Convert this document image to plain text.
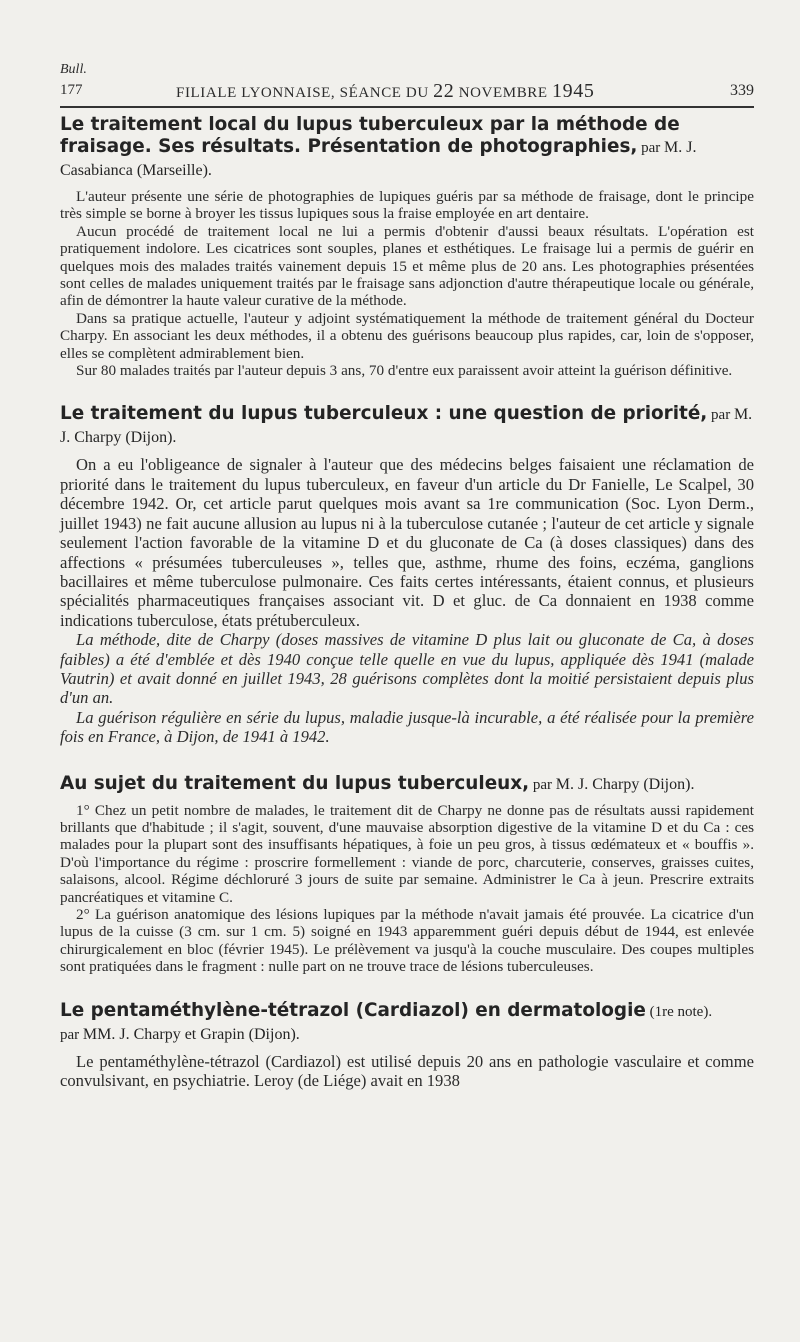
Bull.
177	FILIALE LYONNAISE, SÉANCE DU 22 NOVEMBRE 1945	339
Le traitement local du lupus tuberculeux par la méthode de fraisage. Ses résultats. Présentation de photographies, par M. J. Casabianca (Marseille).

L'auteur présente une série de photographies de lupiques guéris par sa méthode de fraisage, dont le principe très simple se borne à broyer les tissus lupiques sous la fraise employée en art dentaire.

Aucun procédé de traitement local ne lui a permis d'obtenir d'aussi beaux résultats. L'opération est pratiquement indolore. Les cicatrices sont souples, planes et esthétiques. Le fraisage lui a permis de guérir en quelques mois des malades traités vainement depuis 15 et même plus de 20 ans. Les photographies présentées sont celles de malades uniquement traités par le fraisage sans adjonction d'autre thérapeutique locale ou générale, afin de démontrer la haute valeur curative de la méthode.

Dans sa pratique actuelle, l'auteur y adjoint systématiquement la méthode de traitement général du Docteur Charpy. En associant les deux méthodes, il a obtenu des guérisons beaucoup plus rapides, car, loin de s'opposer, elles se complètent admirablement bien.

Sur 80 malades traités par l'auteur depuis 3 ans, 70 d'entre eux paraissent avoir atteint la guérison définitive.

Le traitement du lupus tuberculeux : une question de priorité, par M. J. Charpy (Dijon).

On a eu l'obligeance de signaler à l'auteur que des médecins belges faisaient une réclamation de priorité dans le traitement du lupus tuberculeux, en faveur d'un article du Dr Fanielle, Le Scalpel, 30 décembre 1942. Or, cet article parut quelques mois avant sa 1re communication (Soc. Lyon Derm., juillet 1943) ne fait aucune allusion au lupus ni à la tuberculose cutanée ; l'auteur de cet article y signale seulement l'action favorable de la vitamine D et du gluconate de Ca (à doses classiques) dans des affections « présumées tuberculeuses », telles que, asthme, rhume des foins, eczéma, ganglions bacillaires et même tuberculose pulmonaire. Ces faits certes intéressants, étaient connus, et plusieurs spécialités pharmaceutiques françaises associant vit. D et gluc. de Ca donnaient en 1938 comme indications tuberculose, états prétuberculeux.

La méthode, dite de Charpy (doses massives de vitamine D plus lait ou gluconate de Ca, à doses faibles) a été d'emblée et dès 1940 conçue telle quelle en vue du lupus, appliquée dès 1941 (malade Vautrin) et avait donné en juillet 1943, 28 guérisons complètes dont la moitié persistaient depuis plus d'un an.

La guérison régulière en série du lupus, maladie jusque-là incurable, a été réalisée pour la première fois en France, à Dijon, de 1941 à 1942.

Au sujet du traitement du lupus tuberculeux, par M. J. Charpy (Dijon).

1° Chez un petit nombre de malades, le traitement dit de Charpy ne donne pas de résultats aussi rapidement brillants que d'habitude ; il s'agit, souvent, d'une mauvaise absorption digestive de la vitamine D et du Ca : ces malades pour la plupart sont des insuffisants hépatiques, à foie un peu gros, à tissus œdémateux et « bouffis ». D'où l'importance du régime : proscrire formellement : viande de porc, charcuterie, conserves, graisses cuites, salaisons, alcool. Régime déchloruré 3 jours de suite par semaine. Administrer le Ca à jeun. Prescrire extraits pancréatiques et vitamine C.

2° La guérison anatomique des lésions lupiques par la méthode n'avait jamais été prouvée. La cicatrice d'un lupus de la cuisse (3 cm. sur 1 cm. 5) soigné en 1943 apparemment guéri depuis début de 1944, est enlevée chirurgicalement en bloc (février 1945). Le prélèvement va jusqu'à la couche musculaire. Des coupes multiples sont pratiquées dans le fragment : nulle part on ne trouve trace de lésions tuberculeuses.

Le pentaméthylène-tétrazol (Cardiazol) en dermatologie (1re note).
par MM. J. Charpy et Grapin (Dijon).

Le pentaméthylène-tétrazol (Cardiazol) est utilisé depuis 20 ans en pathologie vasculaire et comme convulsivant, en psychiatrie. Leroy (de Liége) avait en 1938
